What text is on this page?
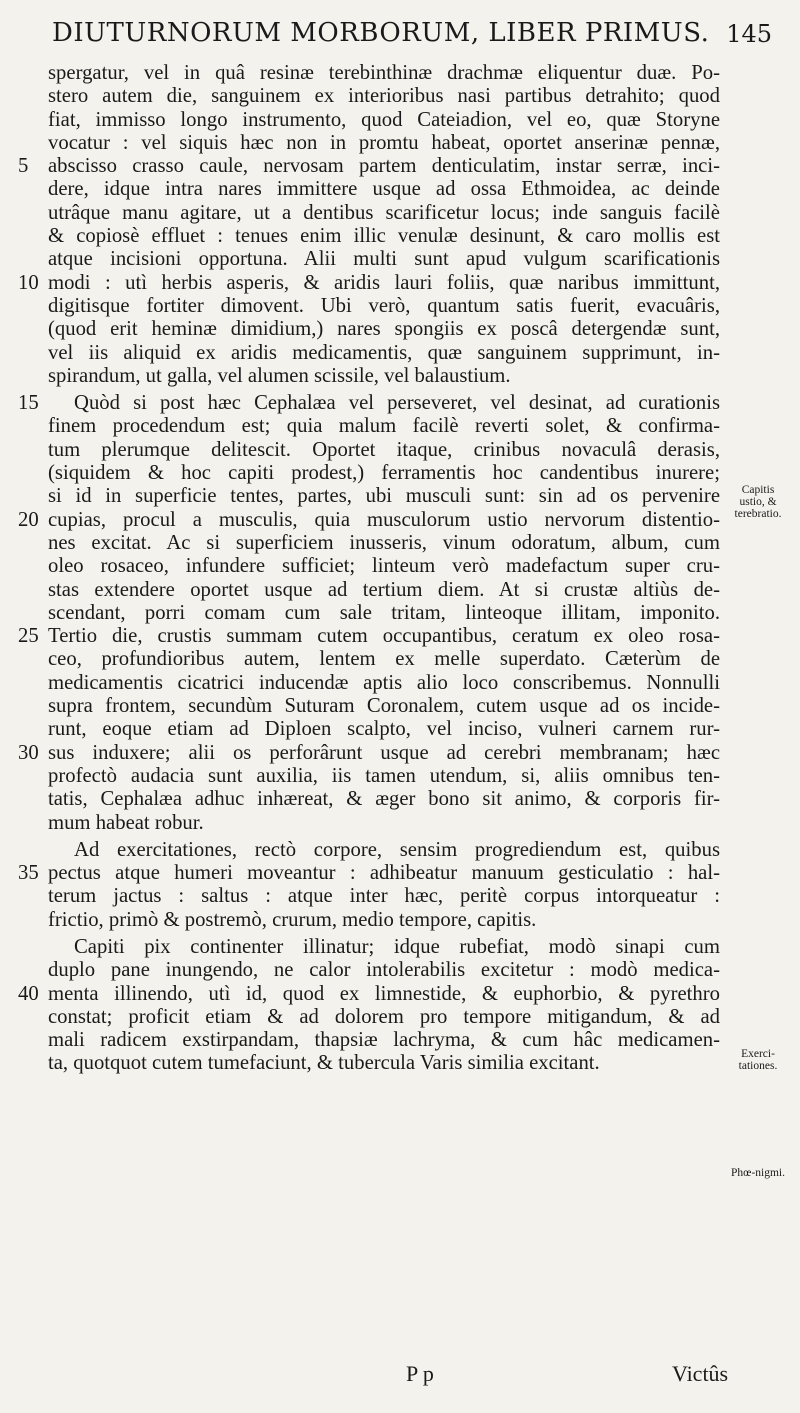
DIUTURNORUM MORBORUM, LIBER PRIMUS. 145
spergatur, vel in quâ resinæ terebinthinæ drachmæ eliquentur duæ. Po-
stero autem die, sanguinem ex interioribus nasi partibus detrahito; quod
fiat, immisso longo instrumento, quod Cateiadion, vel eo, quæ Storyne
vocatur : vel siquis hæc non in promtu habeat, oportet anserinæ pennæ,
abscisso crasso caule, nervosam partem denticulatim, instar serræ, inci-
5
dere, idque intra nares immittere usque ad ossa Ethmoidea, ac deinde
utrâque manu agitare, ut a dentibus scarificetur locus; inde sanguis facilè
& copiosè effluet : tenues enim illic venulæ desinunt, & caro mollis est
atque incisioni opportuna. Alii multi sunt apud vulgum scarificationis
modi : utì herbis asperis, & aridis lauri foliis, quæ naribus immittunt,
10
digitisque fortiter dimovent. Ubi verò, quantum satis fuerit, evacuâris,
(quod erit heminæ dimidium,) nares spongiis ex poscâ detergendæ sunt,
vel iis aliquid ex aridis medicamentis, quæ sanguinem supprimunt, in-
spirandum, ut galla, vel alumen scissile, vel balaustium.
Quòd si post hæc Cephalæa vel perseveret, vel desinat, ad curationis
15
finem procedendum est; quia malum facilè reverti solet, & confirma-
tum plerumque delitescit. Oportet itaque, crinibus novaculâ derasis,
(siquidem & hoc capiti prodest,) ferramentis hoc candentibus inurere;
si id in superficie tentes, partes, ubi musculi sunt: sin ad os pervenire
cupias, procul a musculis, quia musculorum ustio nervorum distentio-
20
nes excitat. Ac si superficiem inusseris, vinum odoratum, album, cum
oleo rosaceo, infundere sufficiet; linteum verò madefactum super cru-
stas extendere oportet usque ad tertium diem. At si crustæ altiùs de-
scendant, porri comam cum sale tritam, linteoque illitam, imponito.
Tertio die, crustis summam cutem occupantibus, ceratum ex oleo rosa-
25
ceo, profundioribus autem, lentem ex melle superdato. Cæterùm de
medicamentis cicatrici inducendæ aptis alio loco conscribemus. Nonnulli
supra frontem, secundùm Suturam Coronalem, cutem usque ad os incide-
runt, eoque etiam ad Diploen scalpto, vel inciso, vulneri carnem rur-
sus induxere; alii os perforârunt usque ad cerebri membranam; hæc
30
profectò audacia sunt auxilia, iis tamen utendum, si, aliis omnibus ten-
tatis, Cephalæa adhuc inhæreat, & æger bono sit animo, & corporis fir-
mum habeat robur.
Ad exercitationes, rectò corpore, sensim progrediendum est, quibus
pectus atque humeri moveantur : adhibeatur manuum gesticulatio : hal-
35
terum jactus : saltus : atque inter hæc, peritè corpus intorqueatur :
frictio, primò & postremò, crurum, medio tempore, capitis.
Capiti pix continenter illinatur; idque rubefiat, modò sinapi cum
duplo pane inungendo, ne calor intolerabilis excitetur : modò medica-
menta illinendo, utì id, quod ex limnestide, & euphorbio, & pyrethro
40
constat; proficit etiam & ad dolorem pro tempore mitigandum, & ad
mali radicem exstirpandam, thapsiæ lachryma, & cum hâc medicamen-
ta, quotquot cutem tumefaciunt, & tubercula Varis similia excitant.
Capitis ustio, & terebratio.
Exerci-tationes.
Phœ-nigmi.
P p	Victûs
